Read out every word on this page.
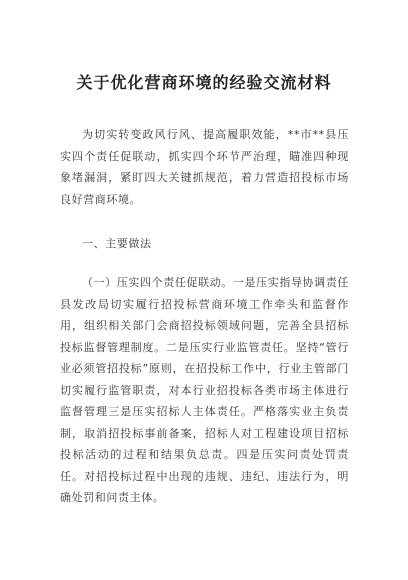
关于优化营商环境的经验交流材料

为切实转变政风行风、提高履职效能，**市**县压实四个责任促联动，抓实四个环节严治理，瞄准四种现象堵漏洞，紧盯四大关键抓规范，着力营造招投标市场良好营商环境。

一、主要做法

（一）压实四个责任促联动。一是压实指导协调责任县发改局切实履行招投标营商环境工作牵头和监督作用，组织相关部门会商招投标领域问题，完善全县招标投标监督管理制度。二是压实行业监管责任。坚持“管行业必须管招投标”原则，在招投标工作中，行业主管部门切实履行监管职责，对本行业招投标各类市场主体进行监督管理三是压实招标人主体责任。严格落实业主负责制，取消招投标事前备案，招标人对工程建设项目招标投标活动的过程和结果负总责。四是压实问责处罚责任。对招投标过程中出现的违规、违纪、违法行为，明确处罚和问责主体。
